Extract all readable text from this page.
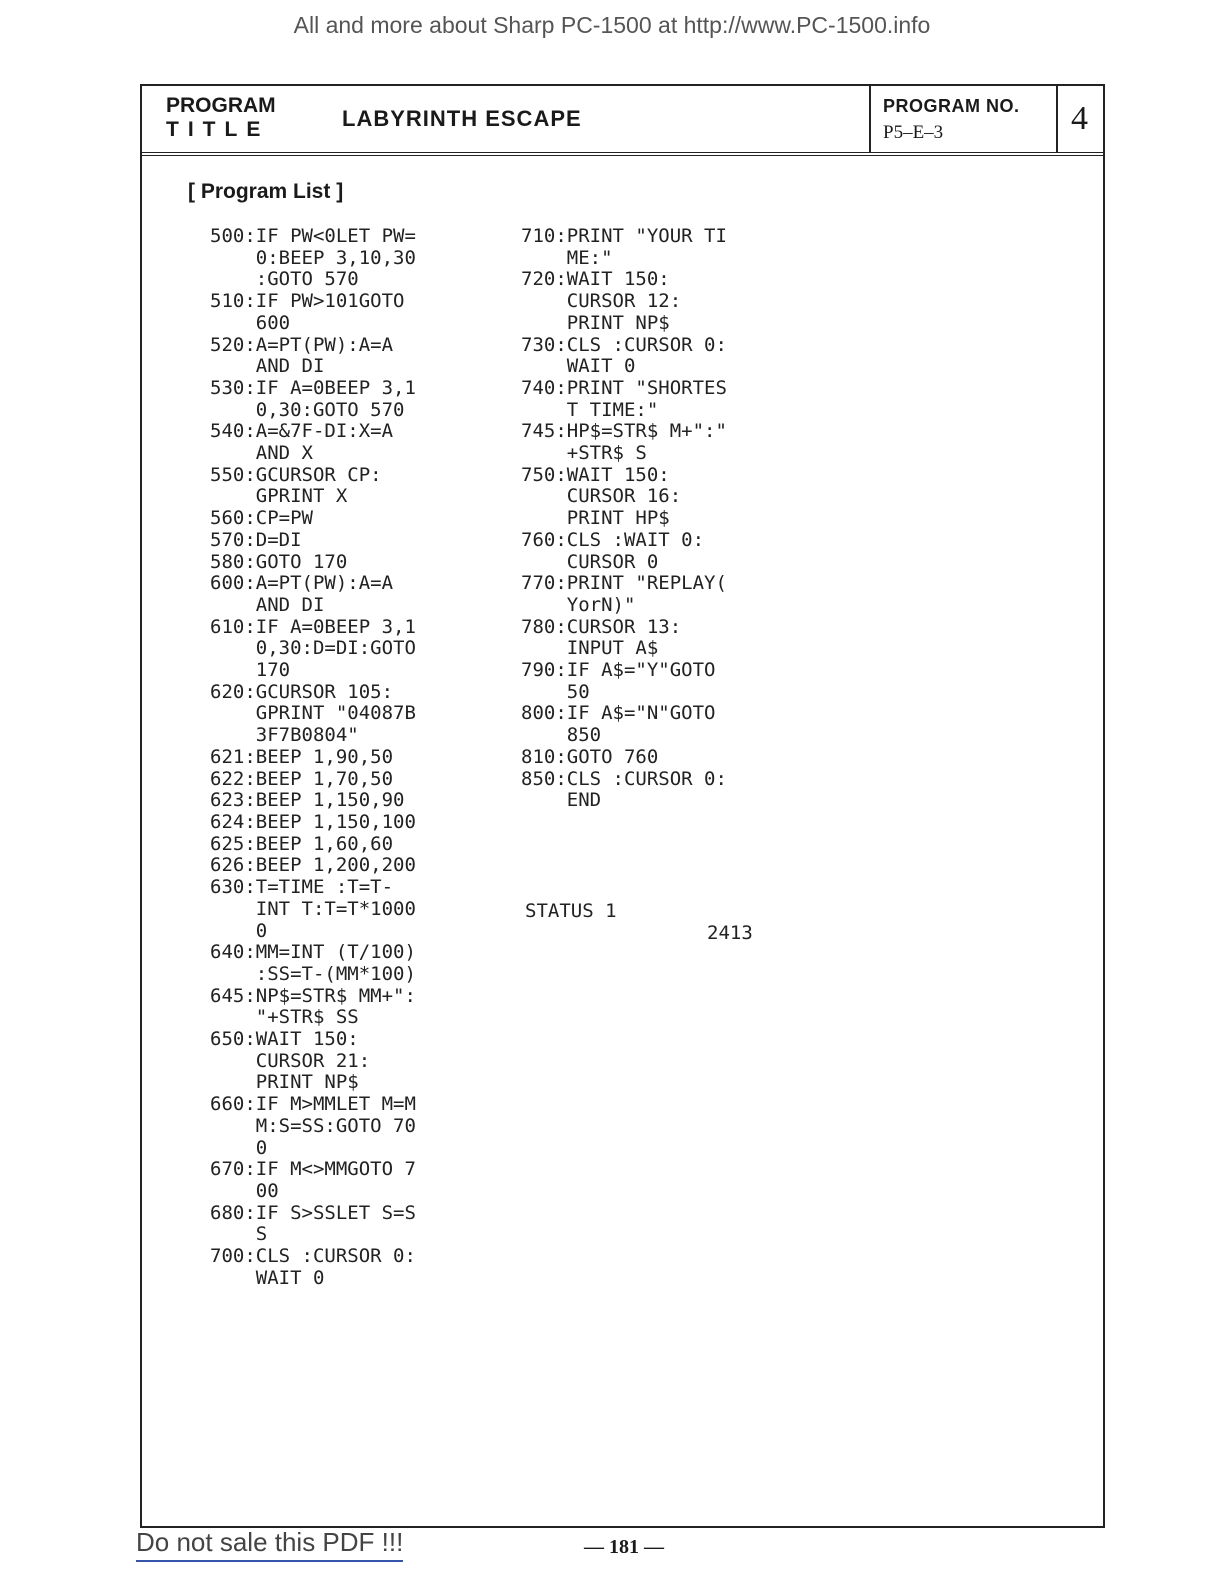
All and more about Sharp PC-1500 at http://www.PC-1500.info
PROGRAM
TITLE	LABYRINTH ESCAPE	PROGRAM NO.
P5–E–3	4
[ Program List ]
500:IF PW<0LET PW=
0:BEEP 3,10,30
:GOTO 570
510:IF PW>101GOTO
600
520:A=PT(PW):A=A
AND DI
530:IF A=0BEEP 3,1
0,30:GOTO 570
540:A=&7F-DI:X=A
AND X
550:GCURSOR CP:
GPRINT X
560:CP=PW
570:D=DI
580:GOTO 170
600:A=PT(PW):A=A
AND DI
610:IF A=0BEEP 3,1
0,30:D=DI:GOTO
170
620:GCURSOR 105:
GPRINT "04087B
3F7B0804"
621:BEEP 1,90,50
622:BEEP 1,70,50
623:BEEP 1,150,90
624:BEEP 1,150,100
625:BEEP 1,60,60
626:BEEP 1,200,200
630:T=TIME :T=T-
INT T:T=T*1000
0
640:MM=INT (T/100)
:SS=T-(MM*100)
645:NP$=STR$ MM+":
"+STR$ SS
650:WAIT 150:
CURSOR 21:
PRINT NP$
660:IF M>MMLET M=M
M:S=SS:GOTO 70
0
670:IF M<>MMGOTO 7
00
680:IF S>SSLET S=S
S
700:CLS :CURSOR 0:
WAIT 0
710:PRINT "YOUR TI
ME:"
720:WAIT 150:
CURSOR 12:
PRINT NP$
730:CLS :CURSOR 0:
WAIT 0
740:PRINT "SHORTES
T TIME:"
745:HP$=STR$ M+":"
+STR$ S
750:WAIT 150:
CURSOR 16:
PRINT HP$
760:CLS :WAIT 0:
CURSOR 0
770:PRINT "REPLAY(
YorN)"
780:CURSOR 13:
INPUT A$
790:IF A$="Y"GOTO
50
800:IF A$="N"GOTO
850
810:GOTO 760
850:CLS :CURSOR 0:
END
STATUS 1
2413
Do not sale this PDF !!!	— 181 —
